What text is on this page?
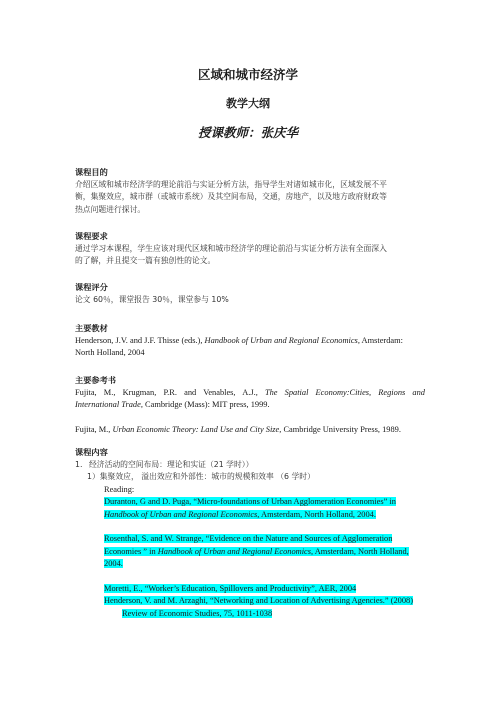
区域和城市经济学
教学大纲
授课教师：张庆华
课程目的
介绍区域和城市经济学的理论前沿与实证分析方法，指导学生对诸如城市化，区域发展不平
衡，集聚效应，城市群（或城市系统）及其空间布局，交通，房地产，以及地方政府财政等
热点问题进行探讨。
课程要求
通过学习本课程，学生应该对现代区域和城市经济学的理论前沿与实证分析方法有全面深入
的了解，并且提交一篇有独创性的论文。
课程评分
论文 60％，课堂报告 30％，课堂参与 10%
主要教材
Henderson, J.V. and J.F. Thisse (eds.), Handbook of Urban and Regional Economics, Amsterdam:
North Holland, 2004
主要参考书
Fujita, M., Krugman, P.R. and Venables, A.J., The Spatial Economy:Cities, Regions and
International Trade, Cambridge (Mass): MIT press, 1999.
Fujita, M., Urban Economic Theory: Land Use and City Size, Cambridge University Press, 1989.
课程内容
1. 经济活动的空间布局：理论和实证（21 学时））
1）集聚效应， 溢出效应和外部性：城市的规模和效率 （6 学时）
Reading:
Duranton, G and D. Puga, “Micro-foundations of Urban Agglomeration Economies” in
Handbook of Urban and Regional Economics, Amsterdam, North Holland, 2004.
Rosenthal, S. and W. Strange, “Evidence on the Nature and Sources of Agglomeration
Economies ” in Handbook of Urban and Regional Economics, Amsterdam, North Holland,
2004.
Moretti, E., “Worker’s Education, Spillovers and Productivity”, AER, 2004
Henderson, V. and M. Arzaghi, “Networking and Location of Advertising Agencies.” (2008)
Review of Economic Studies, 75, 1011-1038
